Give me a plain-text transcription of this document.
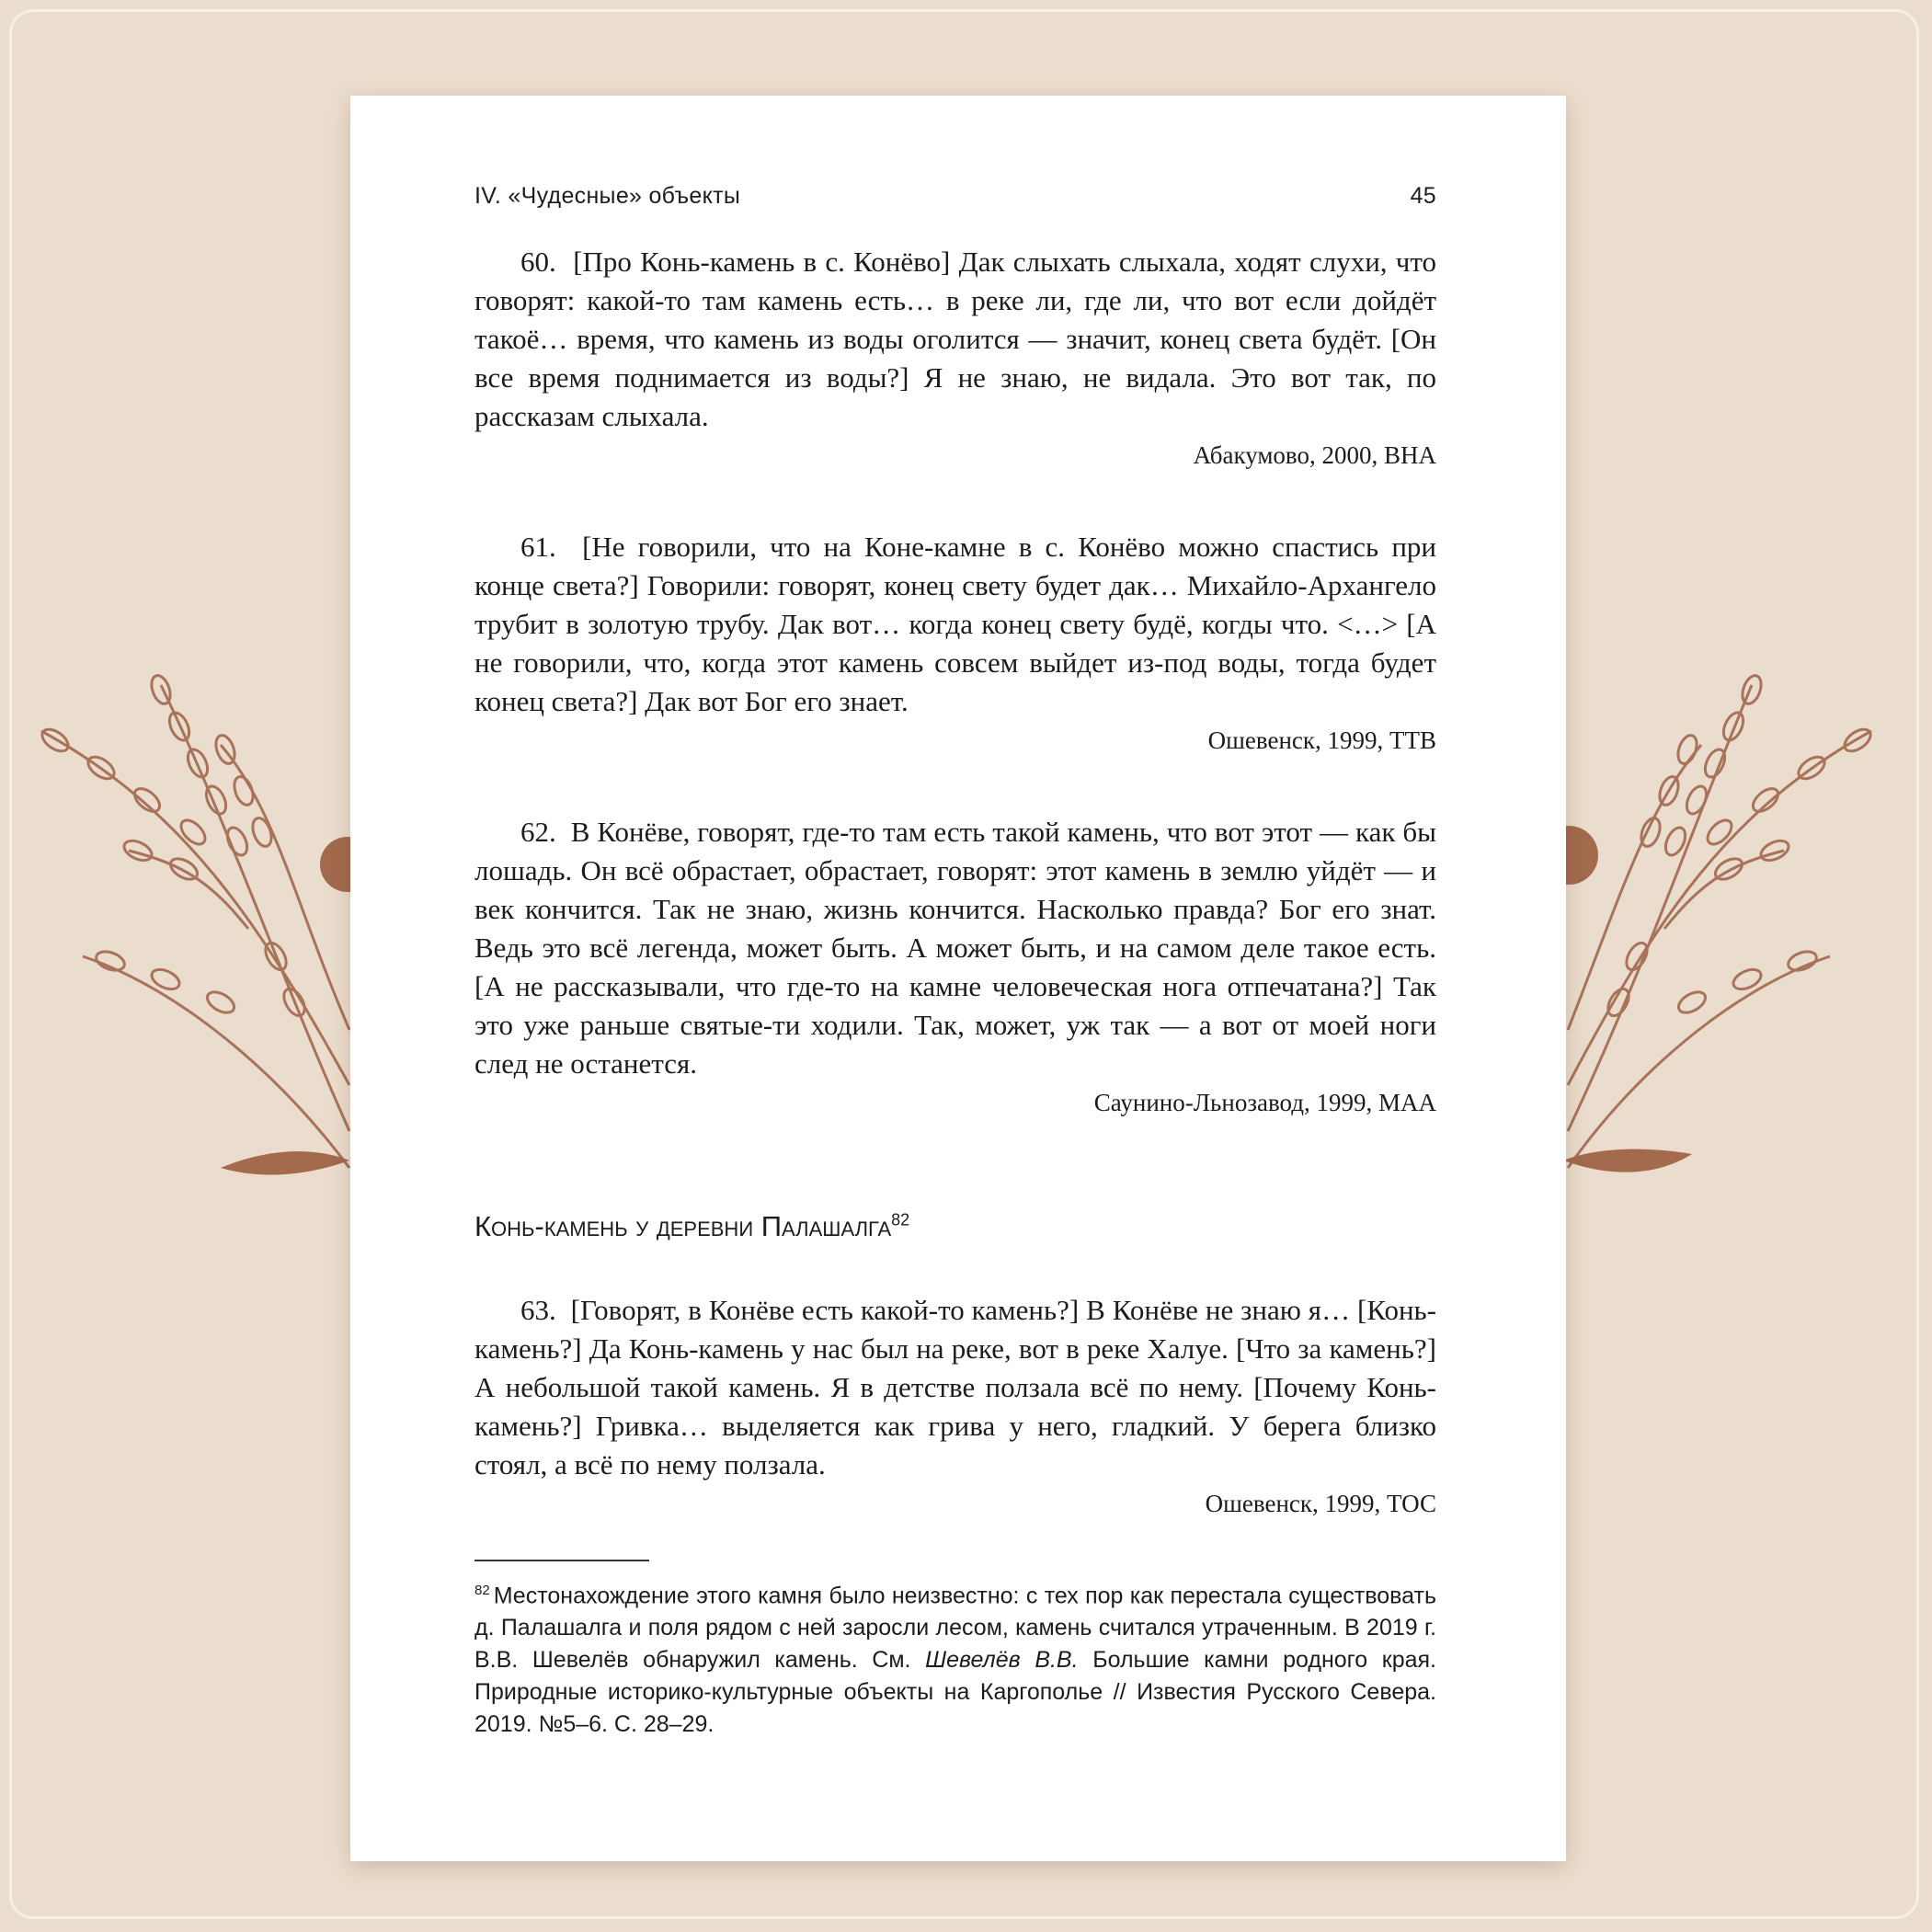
IV. «Чудесные» объекты	45

60. [Про Конь-камень в с. Конёво] Дак слыхать слыхала, ходят слухи, что говорят: какой-то там камень есть… в реке ли, где ли, что вот если дойдёт такоё… время, что камень из воды оголится — значит, конец света будёт. [Он все время поднимается из воды?] Я не знаю, не видала. Это вот так, по рассказам слыхала.

Абакумово, 2000, ВНА

61. [Не говорили, что на Коне-камне в с. Конёво можно спастись при конце света?] Говорили: говорят, конец свету будет дак… Михайло-Архангело трубит в золотую трубу. Дак вот… когда конец свету будё, когды что. <…> [А не говорили, что, когда этот камень совсем выйдет из-под воды, тогда будет конец света?] Дак вот Бог его знает.

Ошевенск, 1999, ТТВ

62. В Конёве, говорят, где-то там есть такой камень, что вот этот — как бы лошадь. Он всё обрастает, обрастает, говорят: этот камень в землю уйдёт — и век кончится. Так не знаю, жизнь кончится. Насколько правда? Бог его знат. Ведь это всё легенда, может быть. А может быть, и на самом деле такое есть. [А не рассказывали, что где-то на камне человеческая нога отпечатана?] Так это уже раньше святые-ти ходили. Так, может, уж так — а вот от моей ноги след не останется.

Саунино-Льнозавод, 1999, МАА
Конь-камень у деревни Палашалга$^{82}$

63. [Говорят, в Конёве есть какой-то камень?] В Конёве не знаю я… [Конь-камень?] Да Конь-камень у нас был на реке, вот в реке Халуе. [Что за камень?] А небольшой такой камень. Я в детстве ползала всё по нему. [Почему Конь-камень?] Гривка… выделяется как грива у него, гладкий. У берега близко стоял, а всё по нему ползала.

Ошевенск, 1999, ТОС

$^{82}$ Местонахождение этого камня было неизвестно: с тех пор как перестала существовать д. Палашалга и поля рядом с ней заросли лесом, камень считался утраченным. В 2019 г. В.В. Шевелёв обнаружил камень. См. Шевелёв В.В. Большие камни родного края. Природные историко-культурные объекты на Каргополье // Известия Русского Севера. 2019. №5–6. С. 28–29.
